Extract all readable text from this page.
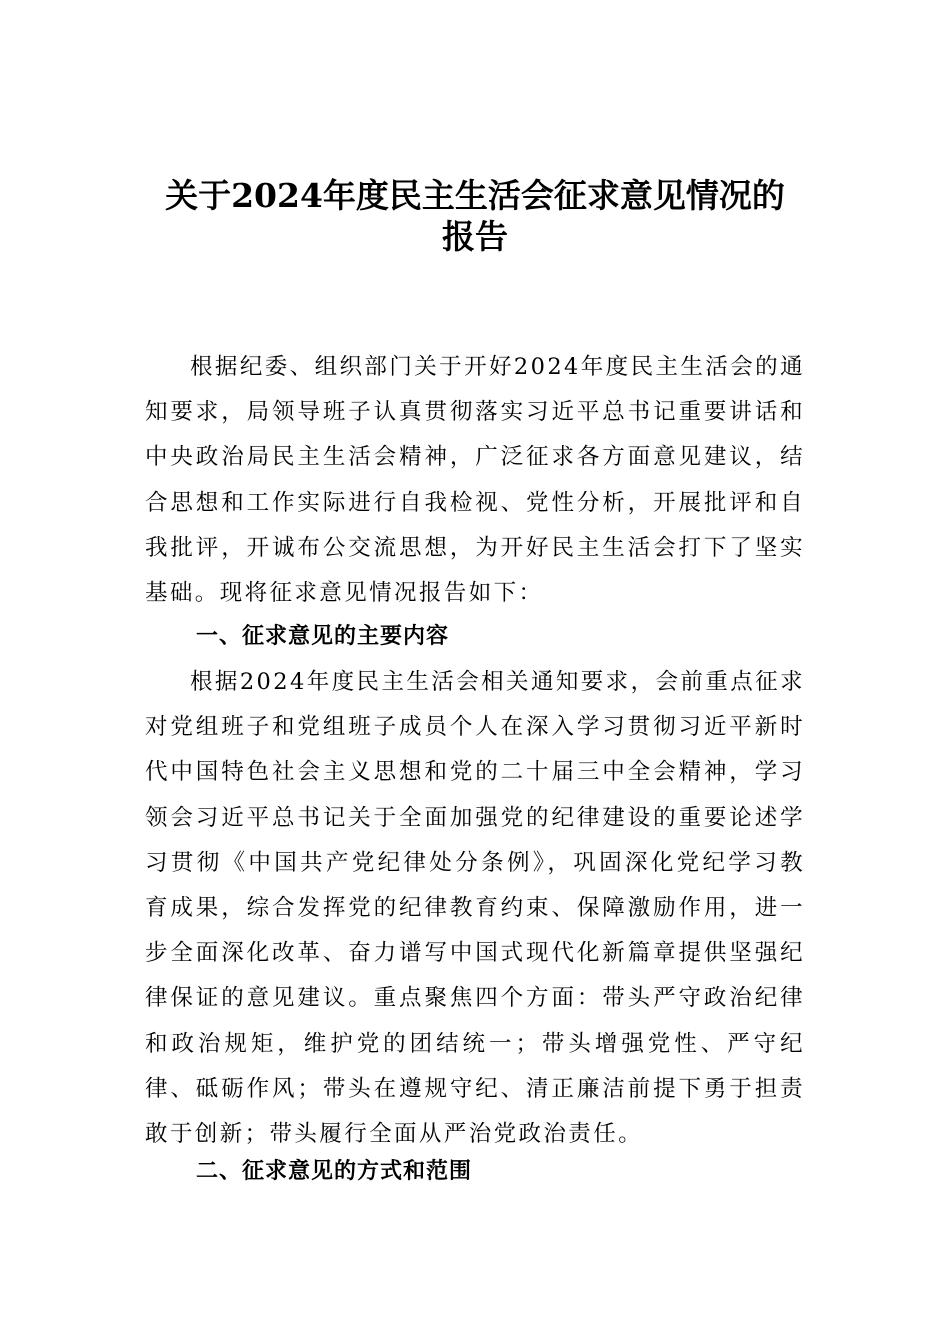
关于2024年度民主生活会征求意见情况的
报告

根据纪委、组织部门关于开好2024年度民主生活会的通知要求，局领导班子认真贯彻落实习近平总书记重要讲话和中央政治局民主生活会精神，广泛征求各方面意见建议，结合思想和工作实际进行自我检视、党性分析，开展批评和自我批评，开诚布公交流思想，为开好民主生活会打下了坚实基础。现将征求意见情况报告如下：

一、征求意见的主要内容

根据2024年度民主生活会相关通知要求，会前重点征求对党组班子和党组班子成员个人在深入学习贯彻习近平新时代中国特色社会主义思想和党的二十届三中全会精神，学习领会习近平总书记关于全面加强党的纪律建设的重要论述学习贯彻《中国共产党纪律处分条例》，巩固深化党纪学习教育成果，综合发挥党的纪律教育约束、保障激励作用，进一步全面深化改革、奋力谱写中国式现代化新篇章提供坚强纪律保证的意见建议。重点聚焦四个方面：带头严守政治纪律和政治规矩，维护党的团结统一；带头增强党性、严守纪律、砥砺作风；带头在遵规守纪、清正廉洁前提下勇于担责敢于创新；带头履行全面从严治党政治责任。

二、征求意见的方式和范围
